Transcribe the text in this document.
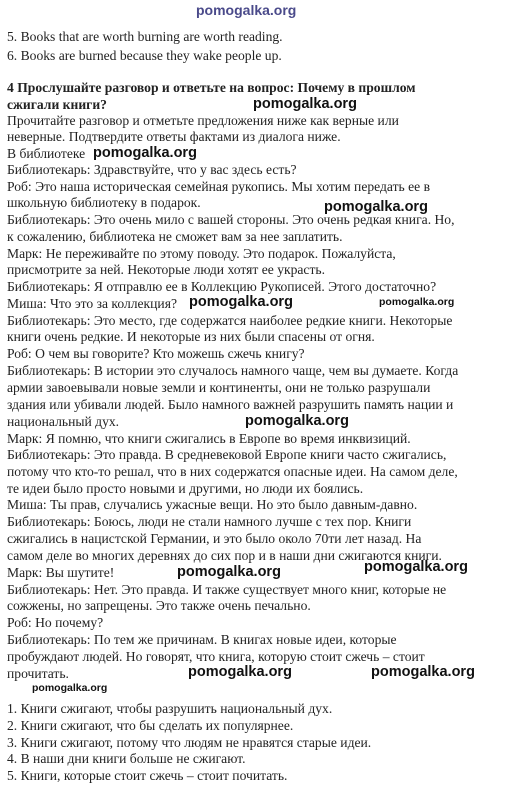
pomogalka.org
5. Books that are worth burning are worth reading.
6. Books are burned because they wake people up.
4 Прослушайте разговор и ответьте на вопрос: Почему в прошлом
сжигали книги?	pomogalka.org
Прочитайте разговор и отметьте предложения ниже как верные или
неверные. Подтвердите ответы фактами из диалога ниже.
В библиотеке pomogalka.org
Библиотекарь: Здравствуйте, что у вас здесь есть?
Роб: Это наша историческая семейная рукопись. Мы хотим передать ее в
школьную библиотеку в подарок.	pomogalka.org
Библиотекарь: Это очень мило с вашей стороны. Это очень редкая книга. Но,
к сожалению, библиотека не сможет вам за нее заплатить.
Марк: Не переживайте по этому поводу. Это подарок. Пожалуйста,
присмотрите за ней. Некоторые люди хотят ее украсть.
Библиотекарь: Я отправлю ее в Коллекцию Рукописей. Этого достаточно?
Миша: Что это за коллекция? pomogalka.org	pomogalka.org
Библиотекарь: Это место, где содержатся наиболее редкие книги. Некоторые
книги очень редкие. И некоторые из них были спасены от огня.
Роб: О чем вы говорите? Кто можешь сжечь книгу?
Библиотекарь: В истории это случалось намного чаще, чем вы думаете. Когда
армии завоевывали новые земли и континенты, они не только разрушали
здания или убивали людей. Было намного важней разрушить память нации и
национальный дух.	pomogalka.org
Марк: Я помню, что книги сжигались в Европе во время инквизиций.
Библиотекарь: Это правда. В средневековой Европе книги часто сжигались,
потому что кто-то решал, что в них содержатся опасные идеи. На самом деле,
те идеи было просто новыми и другими, но люди их боялись.
Миша: Ты прав, случались ужасные вещи. Но это было давным-давно.
Библиотекарь: Боюсь, люди не стали намного лучше с тех пор. Книги
сжигались в нацистской Германии, и это было около 70ти лет назад. На
самом деле во многих деревнях до сих пор и в наши дни сжигаются книги.
Марк: Вы шутите!	pomogalka.org	pomogalka.org
Библиотекарь: Нет. Это правда. И также существует много книг, которые не
сожжены, но запрещены. Это также очень печально.
Роб: Но почему?
Библиотекарь: По тем же причинам. В книгах новые идеи, которые
пробуждают людей. Но говорят, что книга, которую стоит сжечь – стоит
прочитать.	pomogalka.org	pomogalka.org
pomogalka.org
1. Книги сжигают, чтобы разрушить национальный дух.
2. Книги сжигают, что бы сделать их популярнее.
3. Книги сжигают, потому что людям не нравятся старые идеи.
4. В наши дни книги больше не сжигают.
5. Книги, которые стоит сжечь – стоит почитать.
